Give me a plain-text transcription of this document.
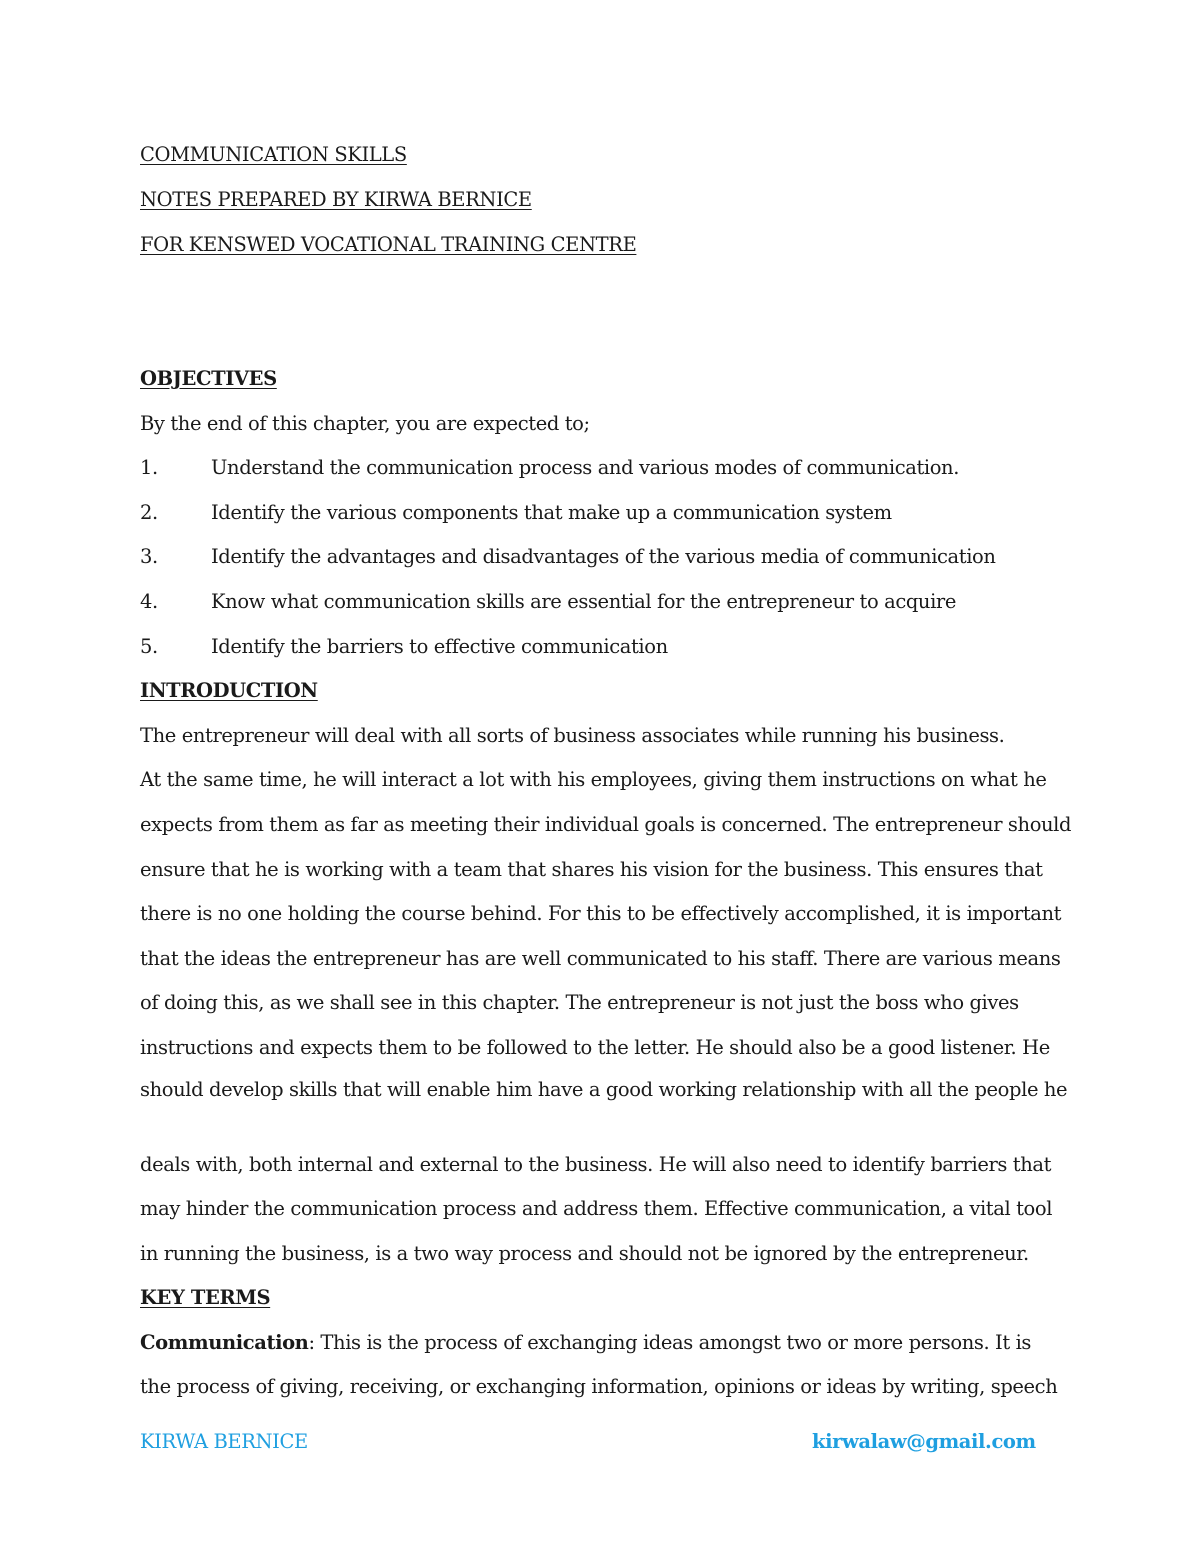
COMMUNICATION SKILLS
NOTES PREPARED BY KIRWA BERNICE
FOR KENSWED VOCATIONAL TRAINING CENTRE
OBJECTIVES
By the end of this chapter, you are expected to;
1.	Understand the communication process and various modes of communication.
2.	Identify the various components that make up a communication system
3.	Identify the advantages and disadvantages of the various media of communication
4.	Know what communication skills are essential for the entrepreneur to acquire
5.	Identify the barriers to effective communication
INTRODUCTION
The entrepreneur will deal with all sorts of business associates while running his business.
At the same time, he will interact a lot with his employees, giving them instructions on what he
expects from them as far as meeting their individual goals is concerned. The entrepreneur should
ensure that he is working with a team that shares his vision for the business. This ensures that
there is no one holding the course behind. For this to be effectively accomplished, it is important
that the ideas the entrepreneur has are well communicated to his staff. There are various means
of doing this, as we shall see in this chapter. The entrepreneur is not just the boss who gives
instructions and expects them to be followed to the letter. He should also be a good listener. He
should develop skills that will enable him have a good working relationship with all the people he
deals with, both internal and external to the business. He will also need to identify barriers that
may hinder the communication process and address them. Effective communication, a vital tool
in running the business, is a two way process and should not be ignored by the entrepreneur.
KEY TERMS
Communication: This is the process of exchanging ideas amongst two or more persons. It is
the process of giving, receiving, or exchanging information, opinions or ideas by writing, speech
KIRWA BERNICE	kirwalaw@gmail.com
